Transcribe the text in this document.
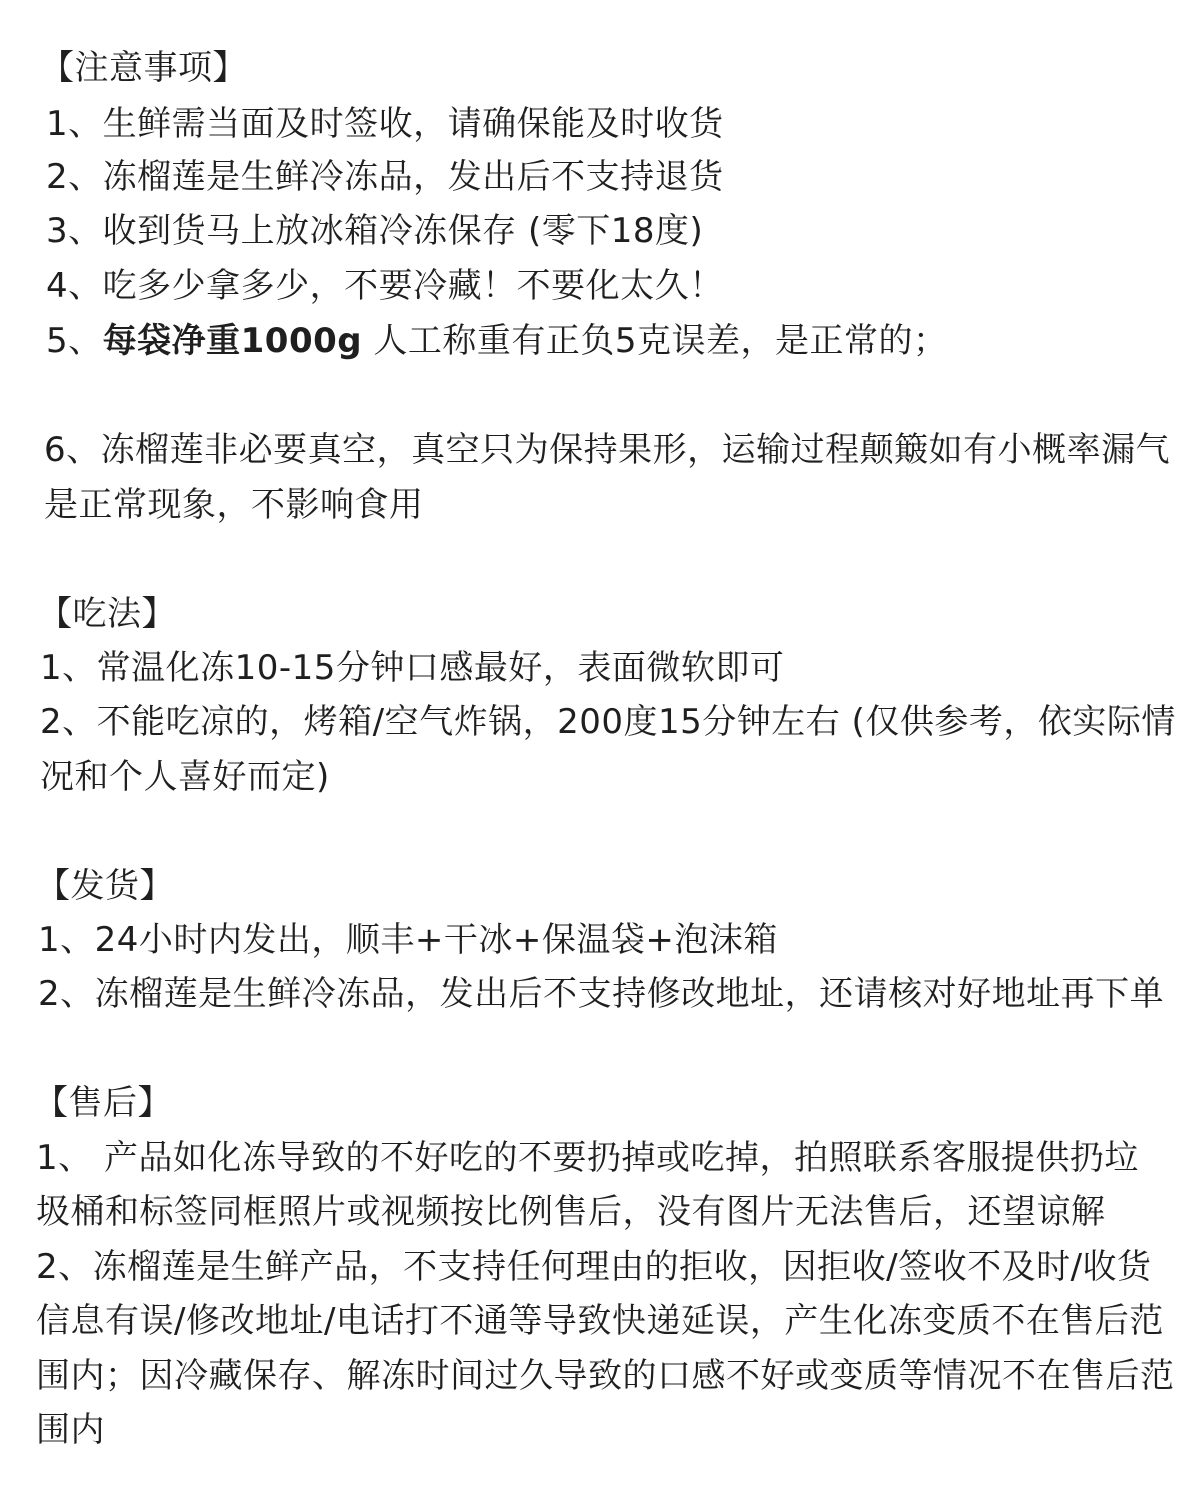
【注意事项】
1、生鲜需当面及时签收，请确保能及时收货
2、冻榴莲是生鲜冷冻品，发出后不支持退货
3、收到货马上放冰箱冷冻保存 (零下18度)
4、吃多少拿多少，不要冷藏！不要化太久！
5、每袋净重1000g 人工称重有正负5克误差，是正常的；
6、冻榴莲非必要真空，真空只为保持果形，运输过程颠簸如有小概率漏气
是正常现象，不影响食用
【吃法】
1、常温化冻10-15分钟口感最好，表面微软即可
2、不能吃凉的，烤箱/空气炸锅，200度15分钟左右 (仅供参考，依实际情
况和个人喜好而定)
【发货】
1、24小时内发出，顺丰+干冰+保温袋+泡沫箱
2、冻榴莲是生鲜冷冻品，发出后不支持修改地址，还请核对好地址再下单
【售后】
1、 产品如化冻导致的不好吃的不要扔掉或吃掉，拍照联系客服提供扔垃
圾桶和标签同框照片或视频按比例售后，没有图片无法售后，还望谅解
2、冻榴莲是生鲜产品，不支持任何理由的拒收，因拒收/签收不及时/收货
信息有误/修改地址/电话打不通等导致快递延误，产生化冻变质不在售后范
围内；因冷藏保存、解冻时间过久导致的口感不好或变质等情况不在售后范
围内
